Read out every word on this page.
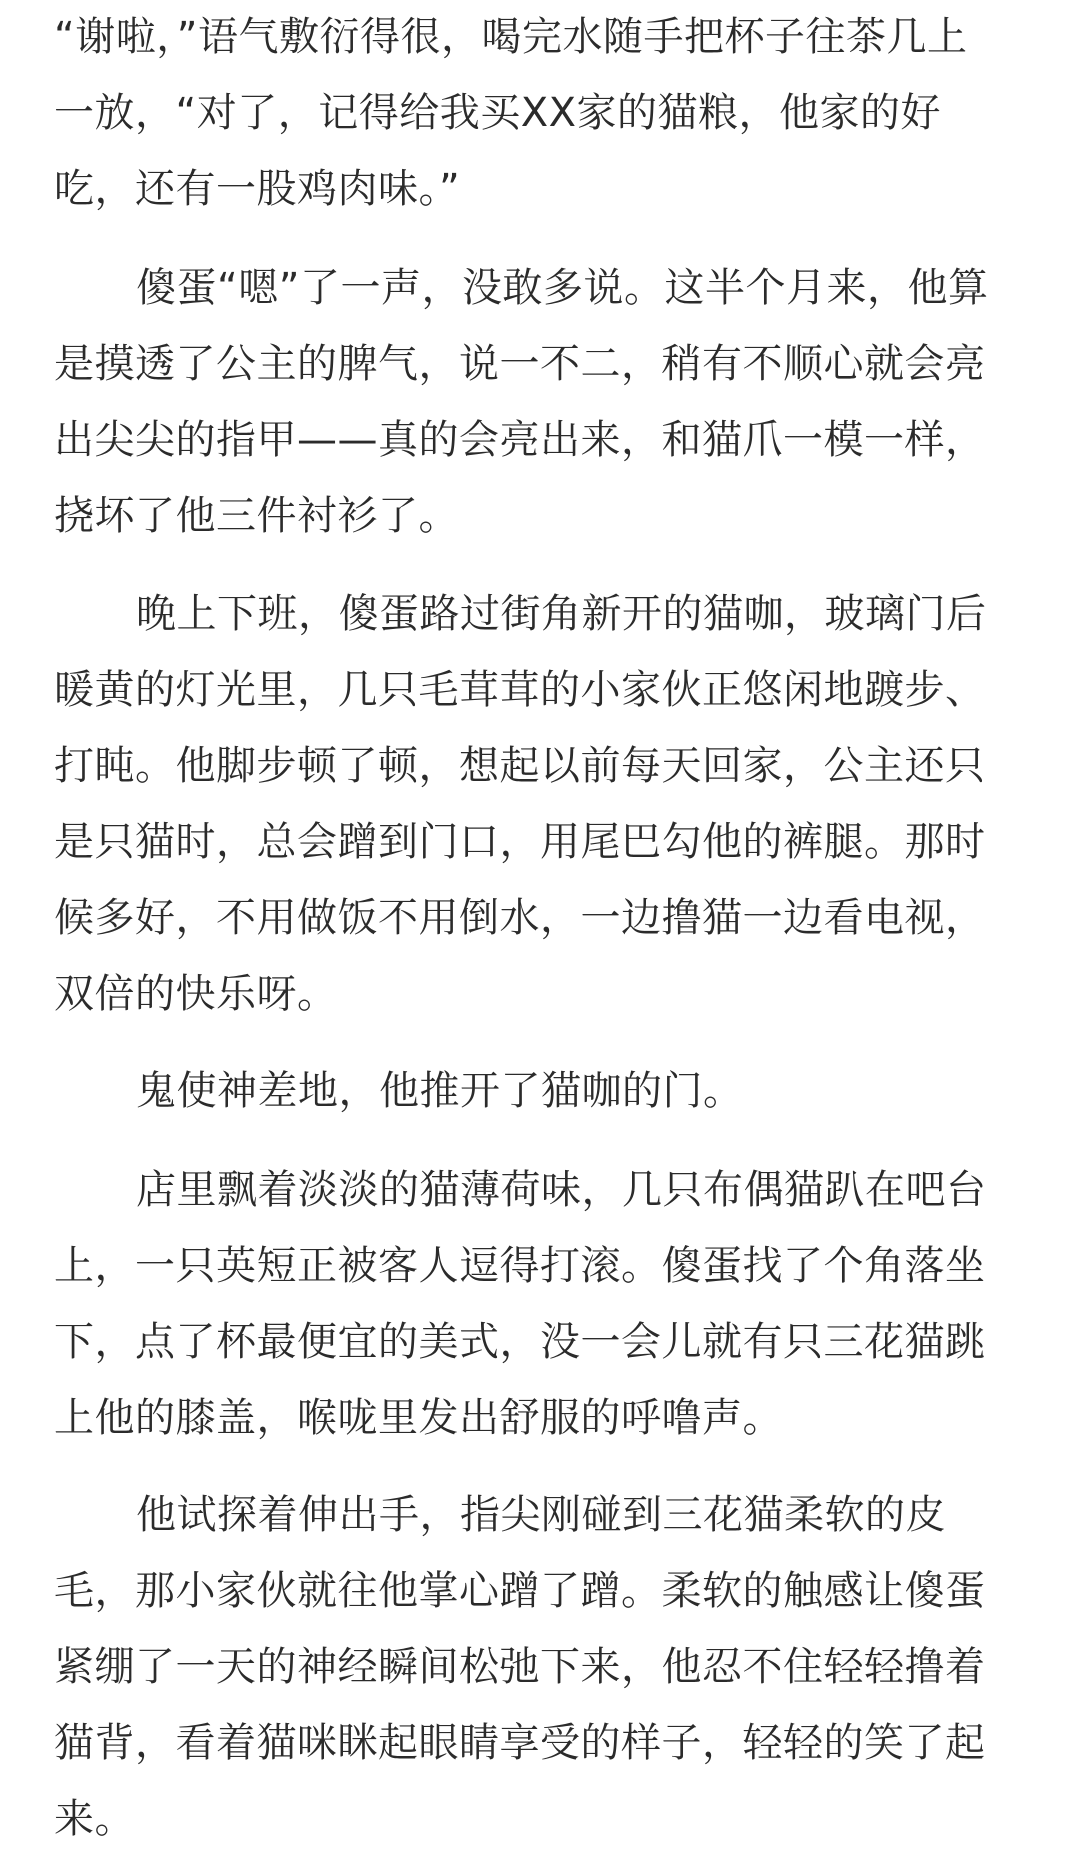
“谢啦，”语气敷衍得很，喝完水随手把杯子往茶几上
一放，“对了，记得给我买XX家的猫粮，他家的好
吃，还有一股鸡肉味。”
傻蛋“嗯”了一声，没敢多说。这半个月来，他算
是摸透了公主的脾气，说一不二，稍有不顺心就会亮
出尖尖的指甲——真的会亮出来，和猫爪一模一样，
挠坏了他三件衬衫了。
晚上下班，傻蛋路过街角新开的猫咖，玻璃门后
暖黄的灯光里，几只毛茸茸的小家伙正悠闲地踱步、
打盹。他脚步顿了顿，想起以前每天回家，公主还只
是只猫时，总会蹭到门口，用尾巴勾他的裤腿。那时
候多好，不用做饭不用倒水，一边撸猫一边看电视，
双倍的快乐呀。
鬼使神差地，他推开了猫咖的门。
店里飘着淡淡的猫薄荷味，几只布偶猫趴在吧台
上，一只英短正被客人逗得打滚。傻蛋找了个角落坐
下，点了杯最便宜的美式，没一会儿就有只三花猫跳
上他的膝盖，喉咙里发出舒服的呼噜声。
他试探着伸出手，指尖刚碰到三花猫柔软的皮
毛，那小家伙就往他掌心蹭了蹭。柔软的触感让傻蛋
紧绷了一天的神经瞬间松弛下来，他忍不住轻轻撸着
猫背，看着猫咪眯起眼睛享受的样子，轻轻的笑了起
来。
